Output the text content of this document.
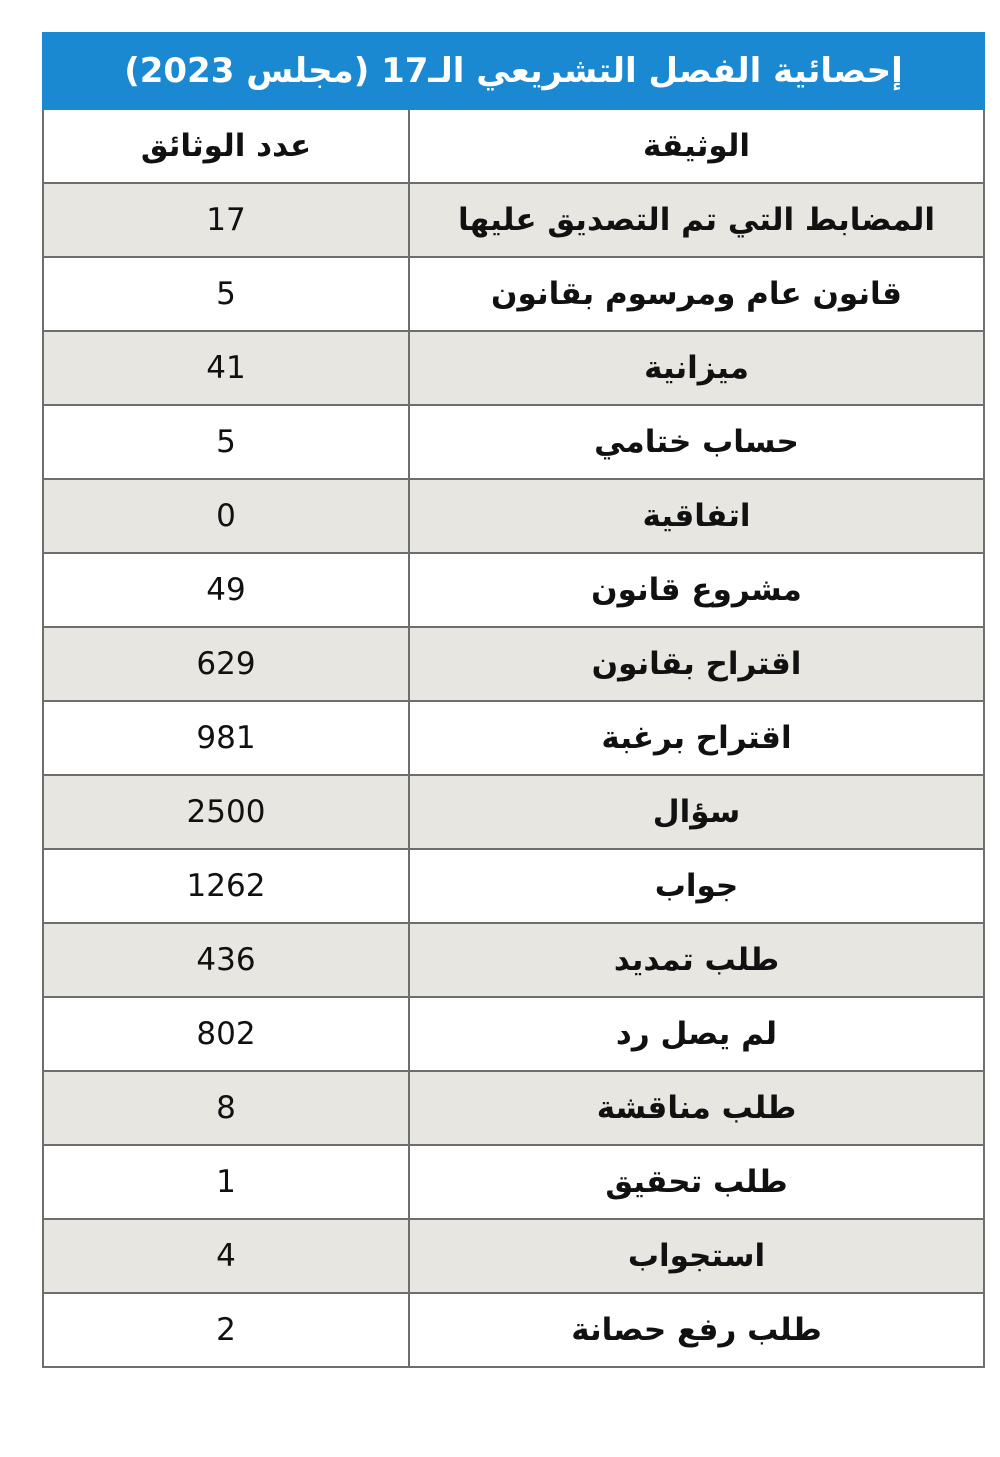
إحصائية الفصل التشريعي الـ17 (مجلس 2023)	
عدد الوثائق	الوثيقة
17	المضابط التي تم التصديق عليها
5	قانون عام ومرسوم بقانون
41	ميزانية
5	حساب ختامي
0	اتفاقية
49	مشروع قانون
629	اقتراح بقانون
981	اقتراح برغبة
2500	سؤال
1262	جواب
436	طلب تمديد
802	لم يصل رد
8	طلب مناقشة
1	طلب تحقيق
4	استجواب
2	طلب رفع حصانة
